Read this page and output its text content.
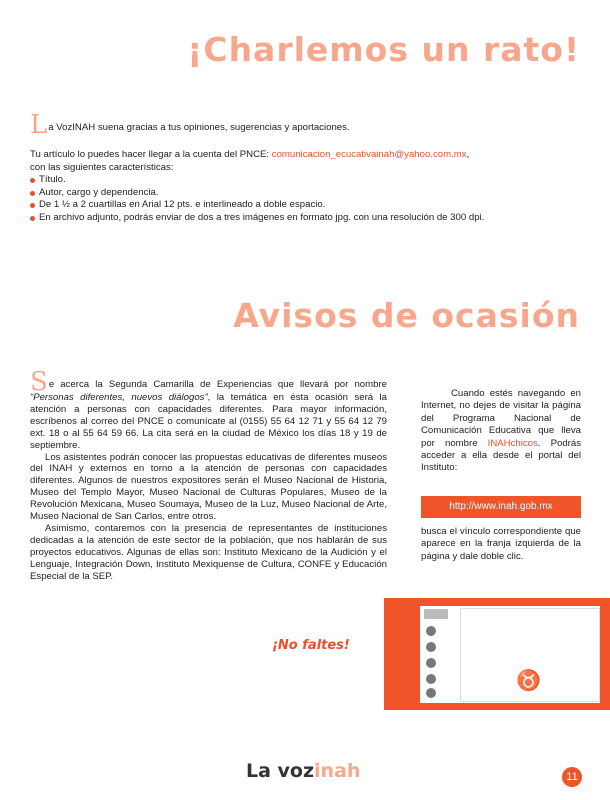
¡Charlemos un rato!

La VozINAH suena gracias a tus opiniones, sugerencias y aportaciones.

Tu artículo lo puedes hacer llegar a la cuenta del PNCE: comunicacion_ecucativainah@yahoo.com.mx,

con las siguientes características:

Título.
Autor, cargo y dependencia.
De 1 ½ a 2 cuartillas en Arial 12 pts. e interlineado a doble espacio.
En archivo adjunto, podrás enviar de dos a tres imágenes en formato jpg. con una resolución de 300 dpi.
Avisos de ocasión

Se acerca la Segunda Camarilla de Experiencias que llevará por nombre “Personas diferentes, nuevos diálogos”, la temática en ésta ocasión será la atención a personas con capacidades diferentes. Para mayor información, escríbenos al correo del PNCE o comunícate al (0155) 55 64 12 71 y 55 64 12 79 ext. 18 o al 55 64 59 66. La cita será en la ciudad de México los días 18 y 19 de septiembre.

Los asistentes podrán conocer las propuestas educativas de diferentes museos del INAH y externos en torno a la atención de personas con capacidades diferentes. Algunos de nuestros expositores serán el Museo Nacional de Historia, Museo del Templo Mayor, Museo Nacional de Culturas Populares, Museo de la Revolución Mexicana, Museo Soumaya, Museo de la Luz, Museo Nacional de Arte, Museo Nacional de San Carlos, entre otros.

Asimismo, contaremos con la presencia de representantes de instituciones dedicadas a la atención de este sector de la población, que nos hablarán de sus proyectos educativos. Algunas de ellas son: Instituto Mexicano de la Audición y el Lenguaje, Integración Down, Instituto Mexiquense de Cultura, CONFE y Educación Especial de la SEP.

¡No faltes!

Cuando estés navegando en Internet, no dejes de visitar la página del Programa Nacional de Comunicación Educativa que lleva por nombre INAHchicos. Podrás acceder a ella desde el portal del Instituto:

http://www.inah.gob.mx

busca el vínculo correspondiente que aparece en la franja izquierda de la página y dale doble clic.

♉
La vozinah	11
